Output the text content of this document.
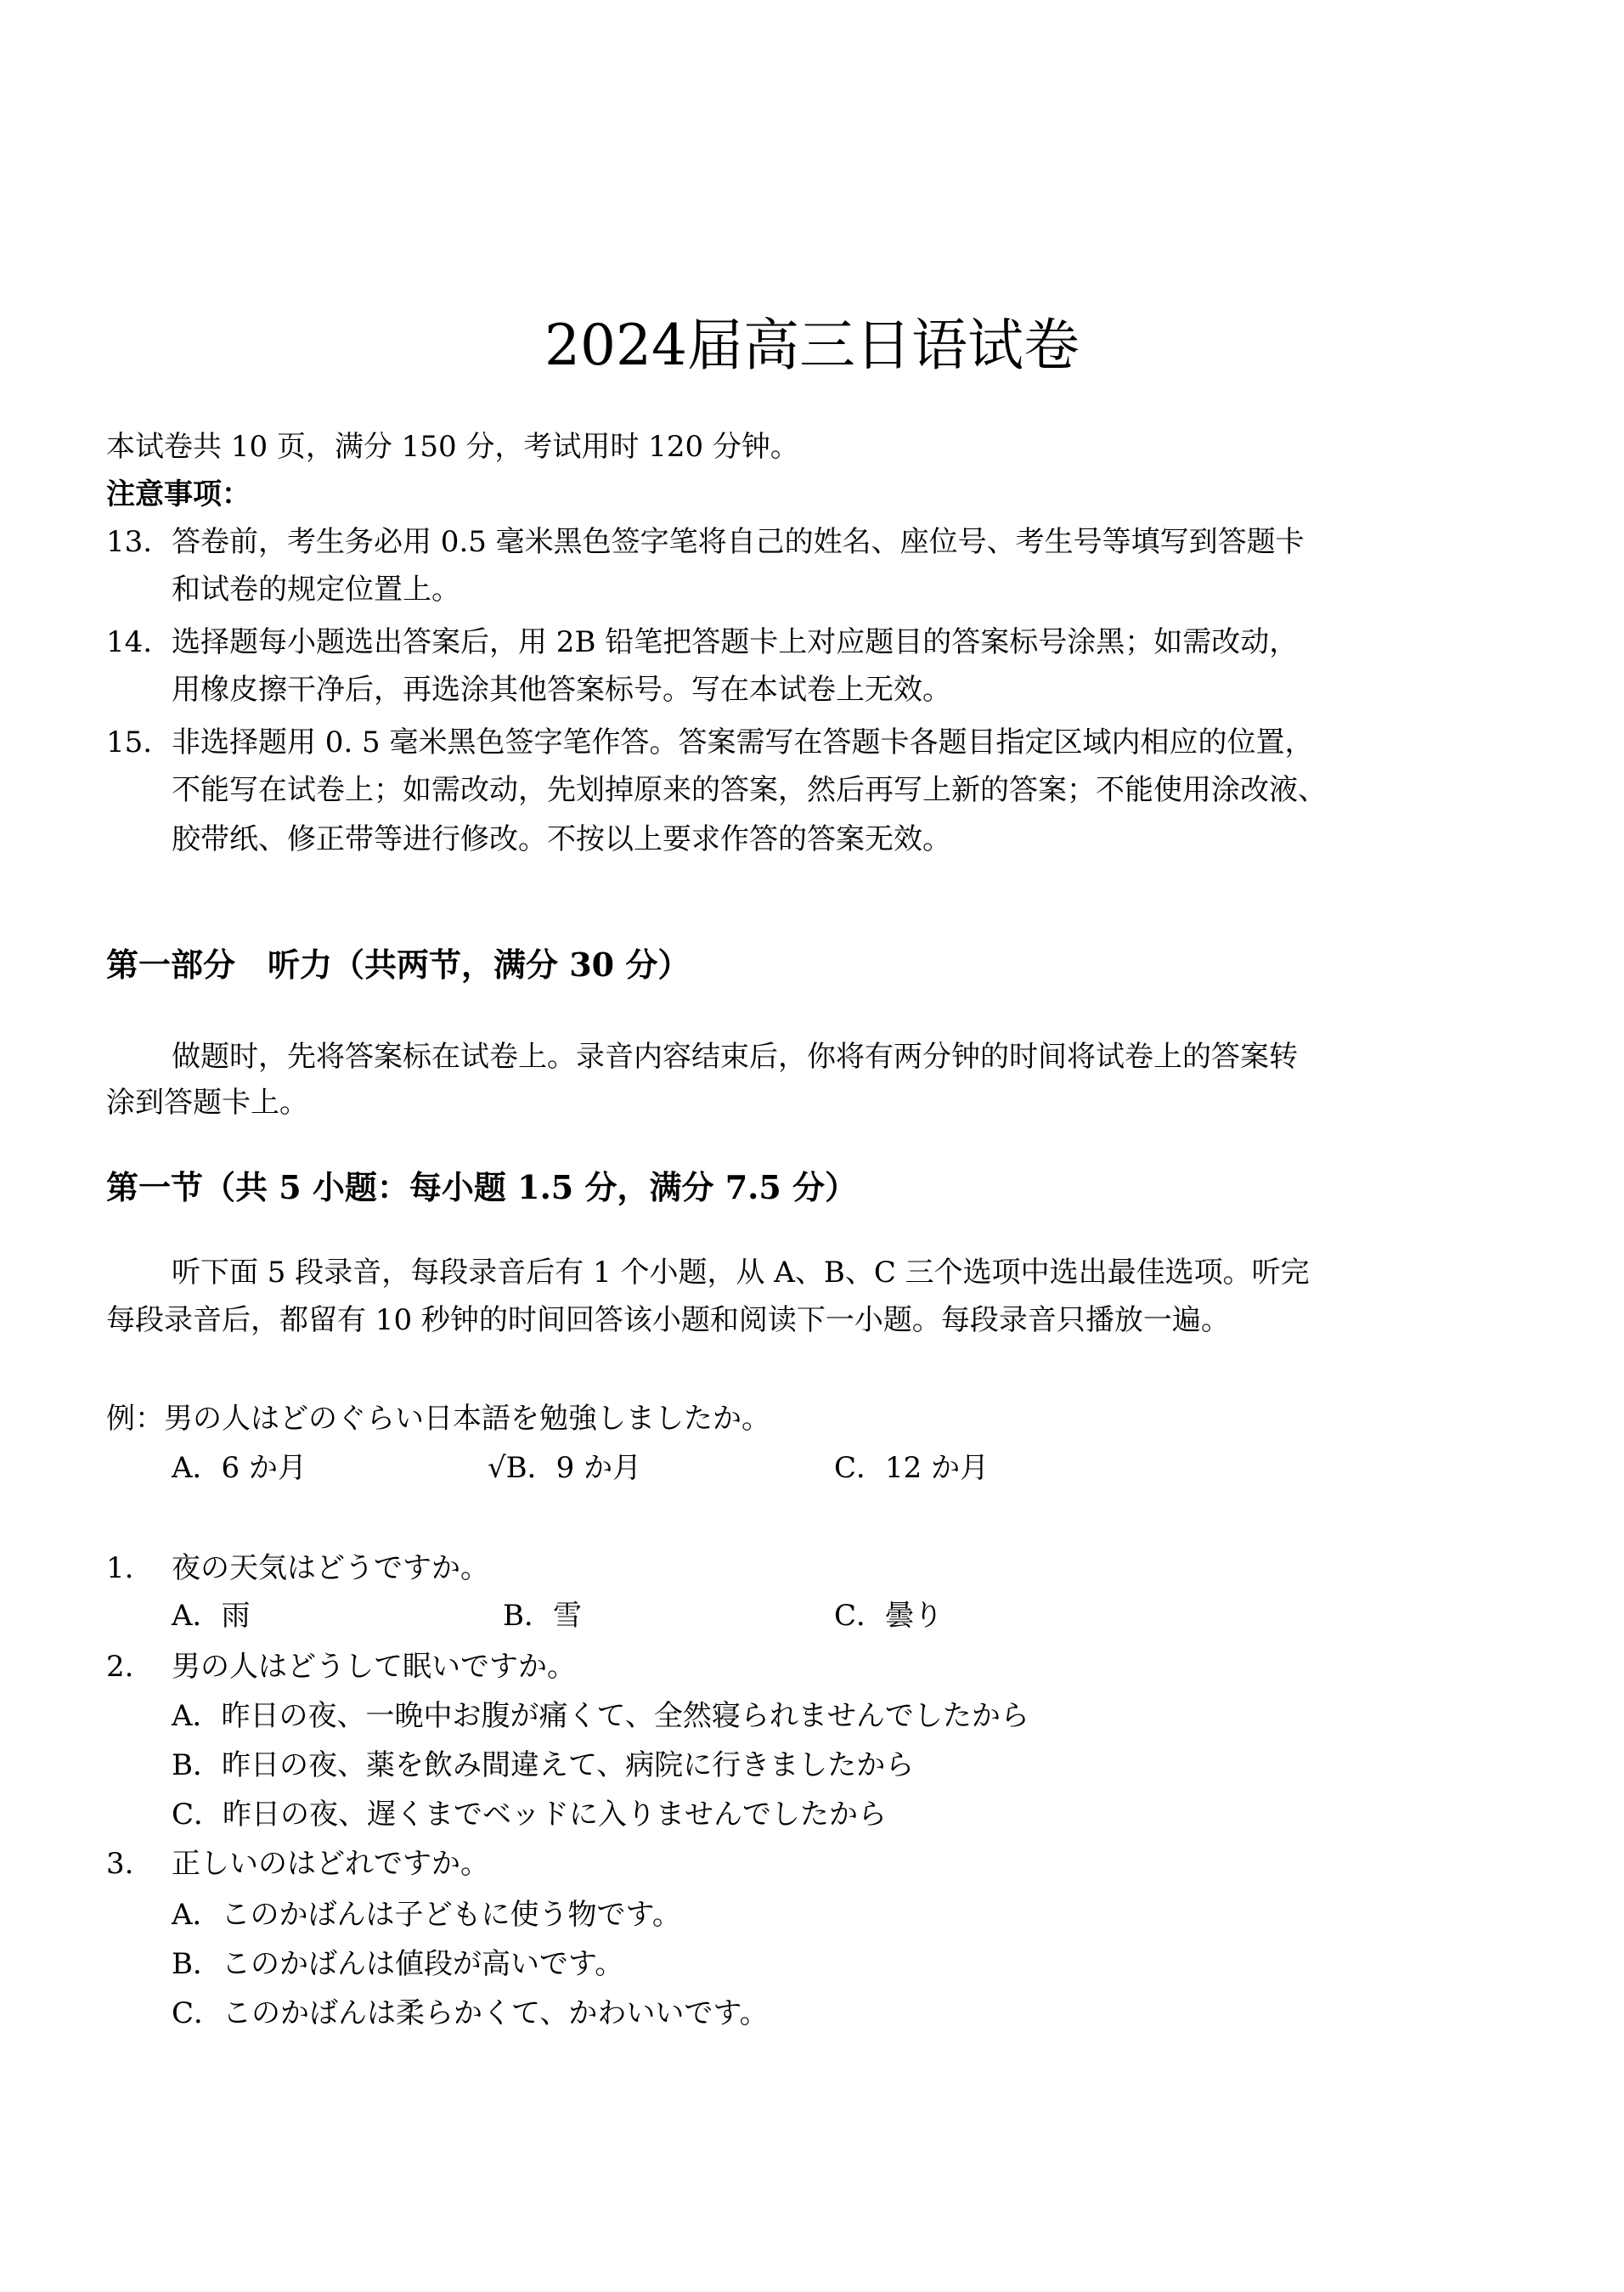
2024届高三日语试卷
本试卷共 10 页，满分 150 分，考试用时 120 分钟。
注意事项：
13. 答卷前，考生务必用 0.5 毫米黑色签字笔将自己的姓名、座位号、考生号等填写到答题卡
和试卷的规定位置上。
14. 选择题每小题选出答案后，用 2B 铅笔把答题卡上对应题目的答案标号涂黑；如需改动，
用橡皮擦干净后，再选涂其他答案标号。写在本试卷上无效。
15. 非选择题用 0. 5 毫米黑色签字笔作答。答案需写在答题卡各题目指定区域内相应的位置，
不能写在试卷上；如需改动，先划掉原来的答案，然后再写上新的答案；不能使用涂改液、
胶带纸、修正带等进行修改。不按以上要求作答的答案无效。
第一部分　听力（共两节，满分 30 分）
做题时，先将答案标在试卷上。录音内容结束后，你将有两分钟的时间将试卷上的答案转
涂到答题卡上。
第一节（共 5 小题：每小题 1.5 分，满分 7.5 分）
听下面 5 段录音，每段录音后有 1 个小题，从 A、B、C 三个选项中选出最佳选项。听完
每段录音后，都留有 10 秒钟的时间回答该小题和阅读下一小题。每段录音只播放一遍。
例：男の人はどのぐらい日本語を勉強しましたか。
A．6 か月	√B．9 か月	C．12 か月
1. 夜の天気はどうですか。
A．雨	B．雪	C．曇り
2. 男の人はどうして眠いですか。
A．昨日の夜、一晩中お腹が痛くて、全然寝られませんでしたから
B．昨日の夜、薬を飲み間違えて、病院に行きましたから
C．昨日の夜、遅くまでベッドに入りませんでしたから
3. 正しいのはどれですか。
A．このかばんは子どもに使う物です。
B．このかばんは値段が高いです。
C．このかばんは柔らかくて、かわいいです。
